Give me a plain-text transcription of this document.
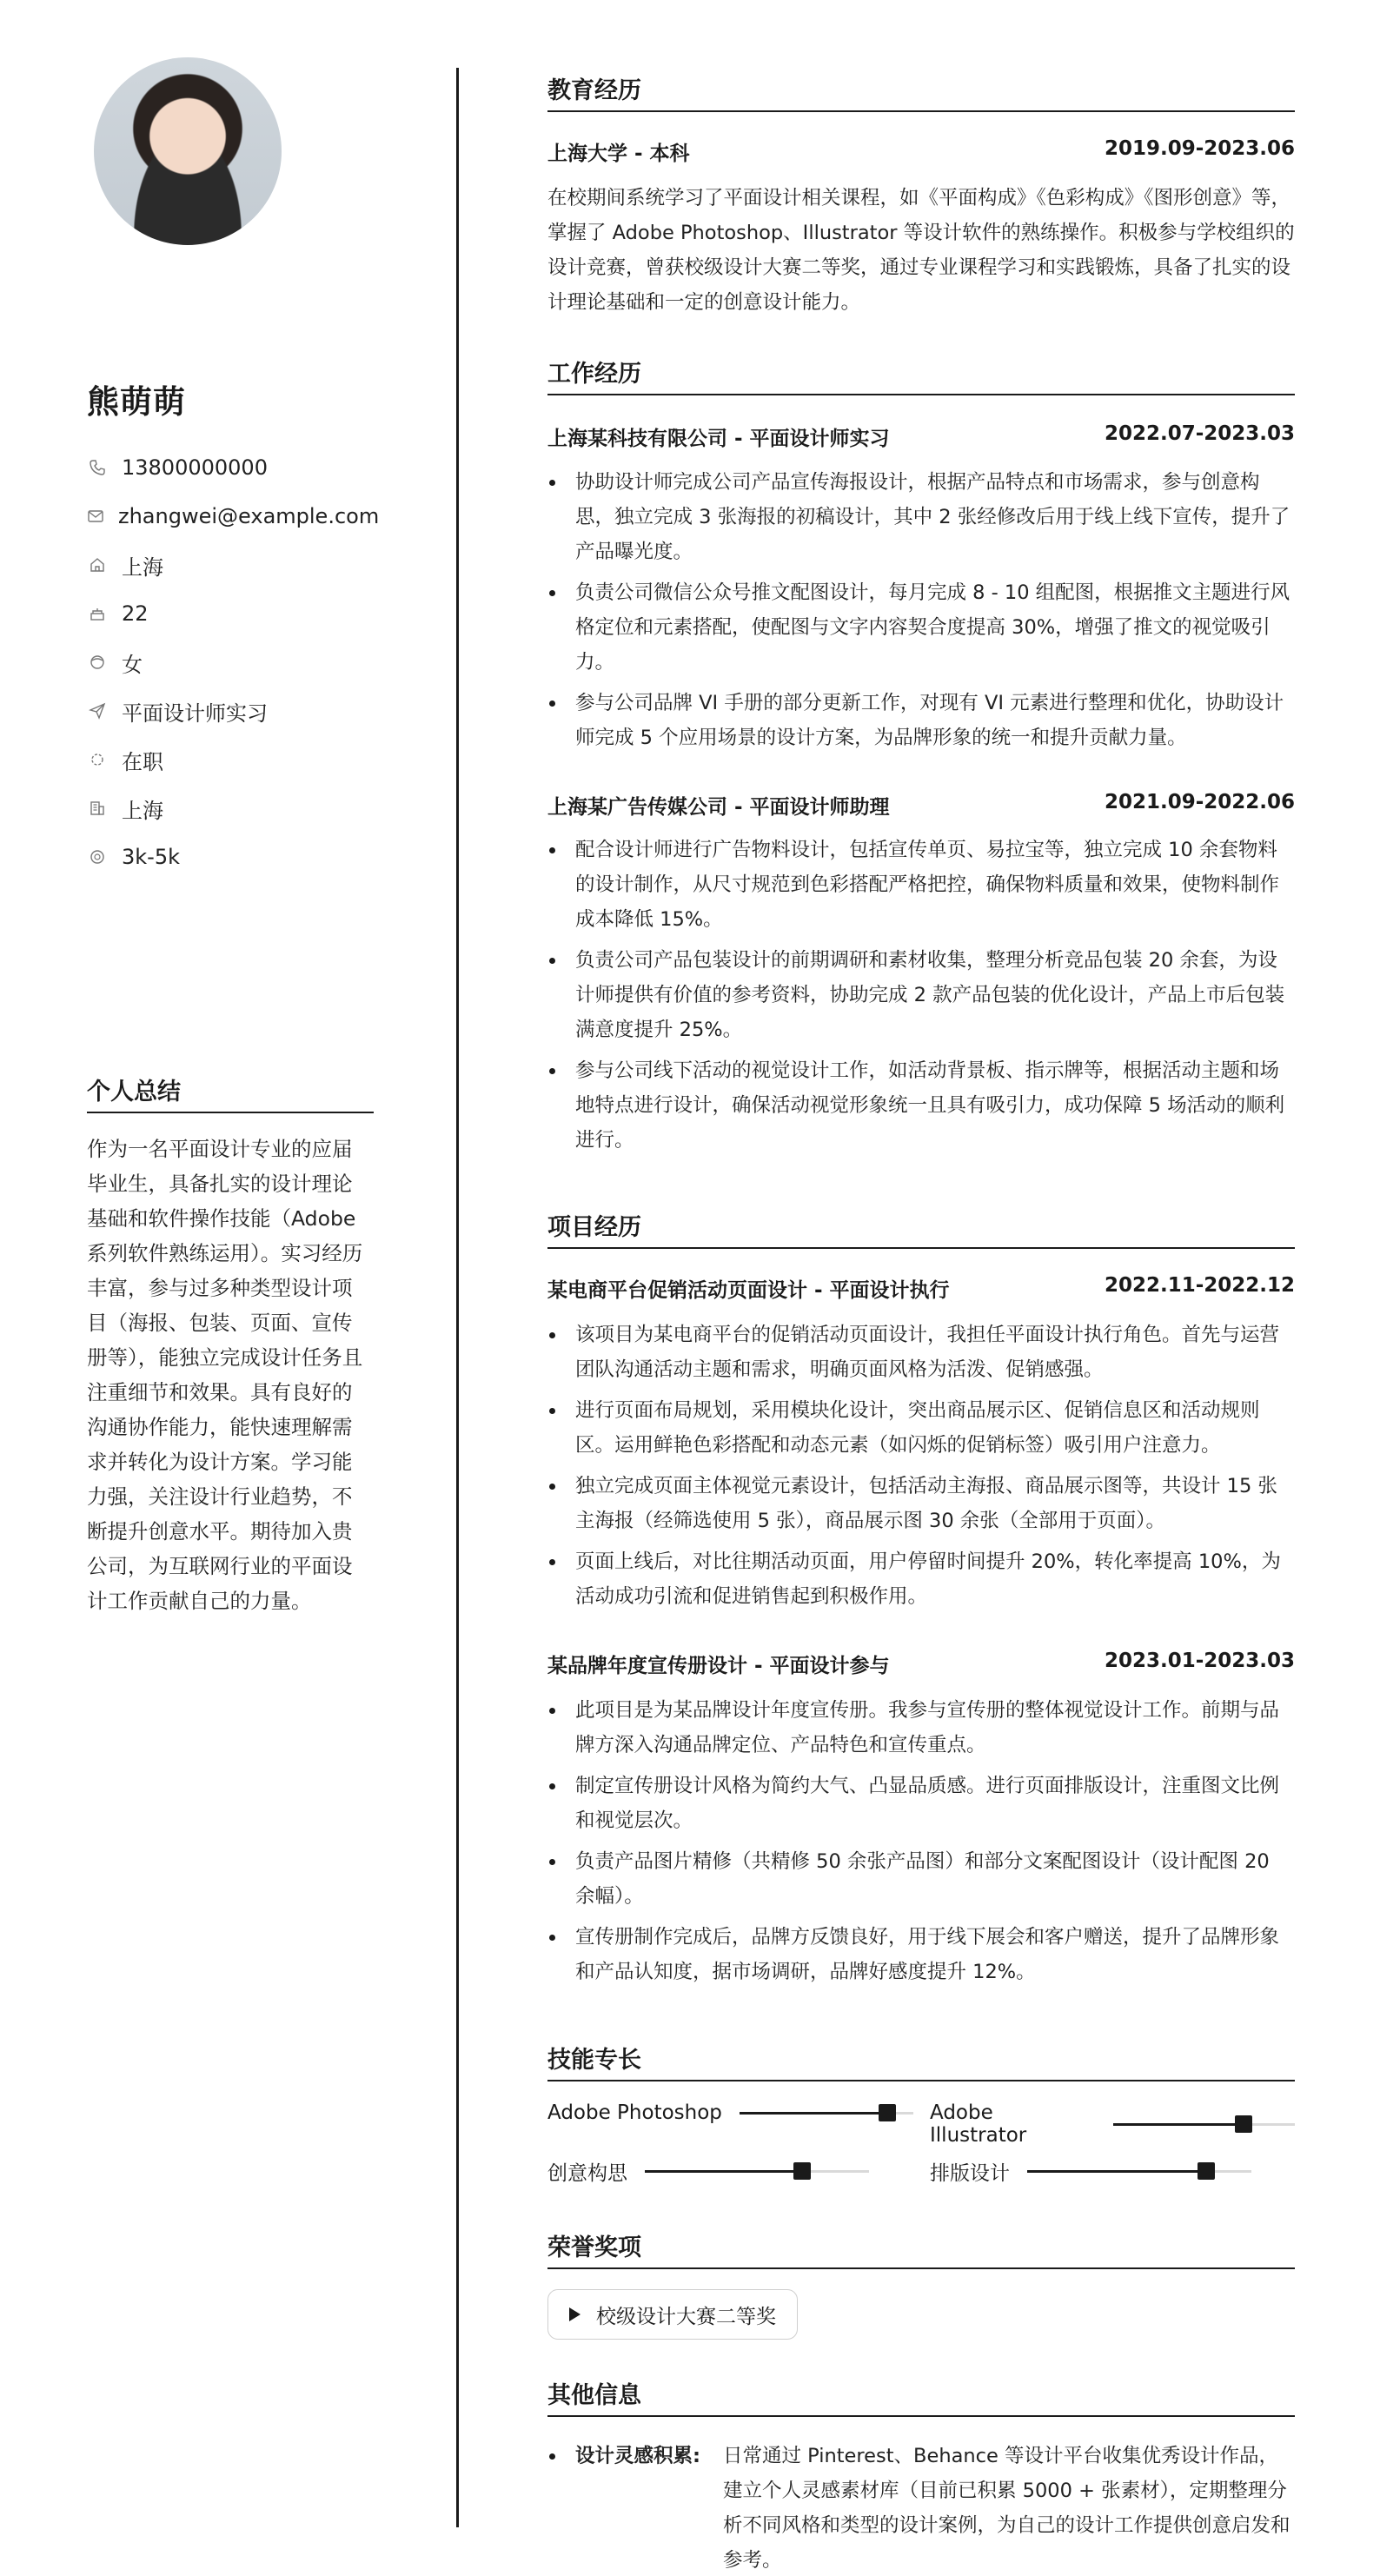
熊萌萌
13800000000
zhangwei@example.com
上海
22
女
平面设计师实习
在职
上海
3k-5k
个人总结
作为一名平面设计专业的应届毕业生，具备扎实的设计理论基础和软件操作技能（Adobe系列软件熟练运用）。实习经历丰富，参与过多种类型设计项目（海报、包装、页面、宣传册等），能独立完成设计任务且注重细节和效果。具有良好的沟通协作能力，能快速理解需求并转化为设计方案。学习能力强，关注设计行业趋势，不断提升创意水平。期待加入贵公司，为互联网行业的平面设计工作贡献自己的力量。
教育经历
上海大学 - 本科	2019.09-2023.06
在校期间系统学习了平面设计相关课程，如《平面构成》《色彩构成》《图形创意》等，掌握了 Adobe Photoshop、Illustrator 等设计软件的熟练操作。积极参与学校组织的设计竞赛，曾获校级设计大赛二等奖，通过专业课程学习和实践锻炼，具备了扎实的设计理论基础和一定的创意设计能力。
工作经历
上海某科技有限公司 - 平面设计师实习	2022.07-2023.03
协助设计师完成公司产品宣传海报设计，根据产品特点和市场需求，参与创意构思，独立完成 3 张海报的初稿设计，其中 2 张经修改后用于线上线下宣传，提升了产品曝光度。
负责公司微信公众号推文配图设计，每月完成 8 - 10 组配图，根据推文主题进行风格定位和元素搭配，使配图与文字内容契合度提高 30%，增强了推文的视觉吸引力。
参与公司品牌 VI 手册的部分更新工作，对现有 VI 元素进行整理和优化，协助设计师完成 5 个应用场景的设计方案，为品牌形象的统一和提升贡献力量。
上海某广告传媒公司 - 平面设计师助理	2021.09-2022.06
配合设计师进行广告物料设计，包括宣传单页、易拉宝等，独立完成 10 余套物料的设计制作，从尺寸规范到色彩搭配严格把控，确保物料质量和效果，使物料制作成本降低 15%。
负责公司产品包装设计的前期调研和素材收集，整理分析竞品包装 20 余套，为设计师提供有价值的参考资料，协助完成 2 款产品包装的优化设计，产品上市后包装满意度提升 25%。
参与公司线下活动的视觉设计工作，如活动背景板、指示牌等，根据活动主题和场地特点进行设计，确保活动视觉形象统一且具有吸引力，成功保障 5 场活动的顺利进行。
项目经历
某电商平台促销活动页面设计 - 平面设计执行	2022.11-2022.12
该项目为某电商平台的促销活动页面设计，我担任平面设计执行角色。首先与运营团队沟通活动主题和需求，明确页面风格为活泼、促销感强。
进行页面布局规划，采用模块化设计，突出商品展示区、促销信息区和活动规则区。运用鲜艳色彩搭配和动态元素（如闪烁的促销标签）吸引用户注意力。
独立完成页面主体视觉元素设计，包括活动主海报、商品展示图等，共设计 15 张主海报（经筛选使用 5 张），商品展示图 30 余张（全部用于页面）。
页面上线后，对比往期活动页面，用户停留时间提升 20%，转化率提高 10%，为活动成功引流和促进销售起到积极作用。
某品牌年度宣传册设计 - 平面设计参与	2023.01-2023.03
此项目是为某品牌设计年度宣传册。我参与宣传册的整体视觉设计工作。前期与品牌方深入沟通品牌定位、产品特色和宣传重点。
制定宣传册设计风格为简约大气、凸显品质感。进行页面排版设计，注重图文比例和视觉层次。
负责产品图片精修（共精修 50 余张产品图）和部分文案配图设计（设计配图 20 余幅）。
宣传册制作完成后，品牌方反馈良好，用于线下展会和客户赠送，提升了品牌形象和产品认知度，据市场调研，品牌好感度提升 12%。
技能专长
Adobe Photoshop	Adobe Illustrator
创意构思	排版设计
荣誉奖项
校级设计大赛二等奖
其他信息
设计灵感积累: 日常通过 Pinterest、Behance 等设计平台收集优秀设计作品，建立个人灵感素材库（目前已积累 5000 + 张素材），定期整理分析不同风格和类型的设计案例，为自己的设计工作提供创意启发和参考。
